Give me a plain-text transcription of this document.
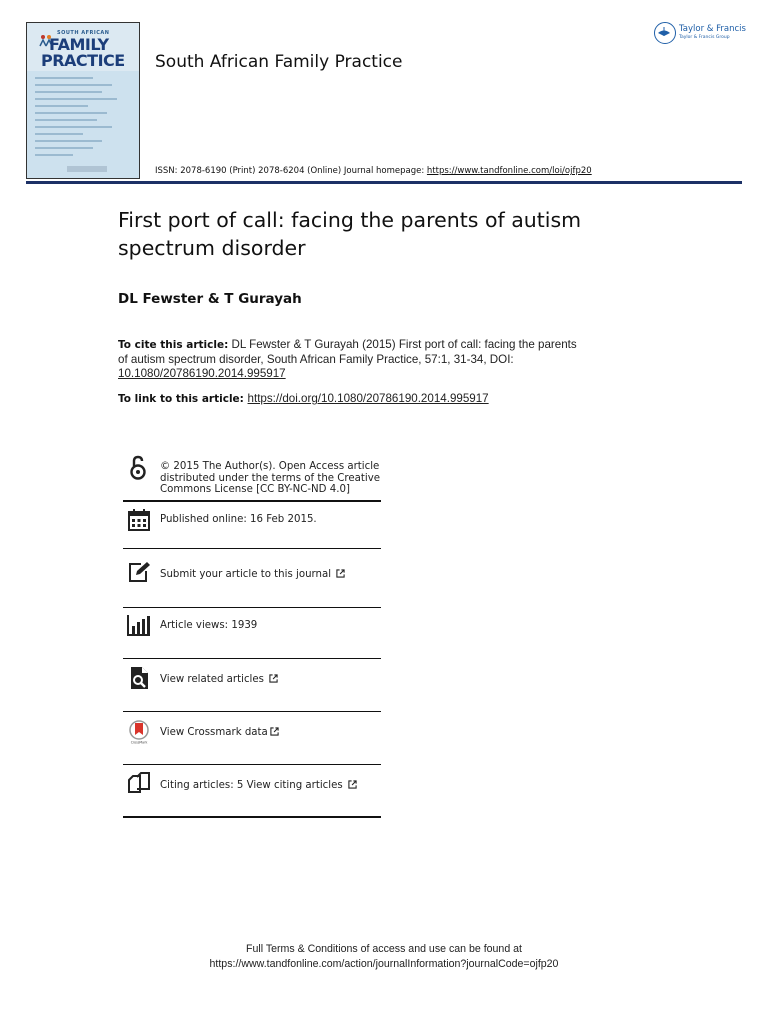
SOUTH AFRICAN
FAMILY
PRACTICE South African Family Practice
Taylor & Francis
Taylor & Francis Group
ISSN: 2078-6190 (Print) 2078-6204 (Online) Journal homepage: https://www.tandfonline.com/loi/ojfp20
First port of call: facing the parents of autism spectrum disorder
DL Fewster & T Gurayah
To cite this article: DL Fewster & T Gurayah (2015) First port of call: facing the parents of autism spectrum disorder, South African Family Practice, 57:1, 31-34, DOI: 10.1080/20786190.2014.995917
To link to this article: https://doi.org/10.1080/20786190.2014.995917
© 2015 The Author(s). Open Access article distributed under the terms of the Creative Commons License [CC BY-NC-ND 4.0]
Published online: 16 Feb 2015.
Submit your article to this journal
Article views: 1939
View related articles
CrossMark
View Crossmark data
Citing articles: 5 View citing articles
Full Terms & Conditions of access and use can be found at
https://www.tandfonline.com/action/journalInformation?journalCode=ojfp20
